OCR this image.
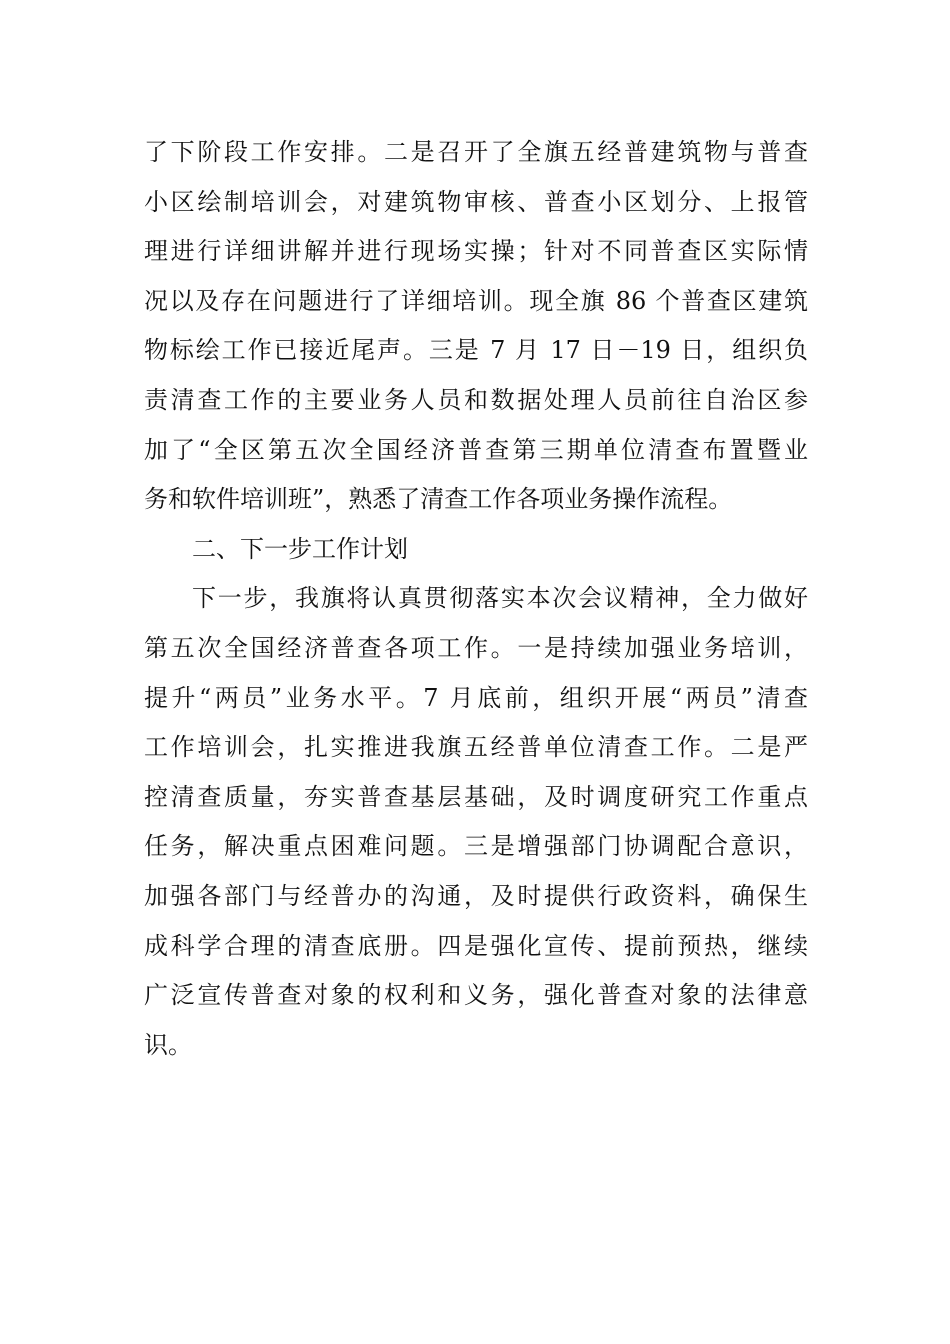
了下阶段工作安排。二是召开了全旗五经普建筑物与普查
小区绘制培训会，对建筑物审核、普查小区划分、上报管
理进行详细讲解并进行现场实操；针对不同普查区实际情
况以及存在问题进行了详细培训。现全旗 86 个普查区建筑
物标绘工作已接近尾声。三是 7 月 17 日－19 日，组织负
责清查工作的主要业务人员和数据处理人员前往自治区参
加了“全区第五次全国经济普查第三期单位清查布置暨业
务和软件培训班”，熟悉了清查工作各项业务操作流程。
二、下一步工作计划
下一步，我旗将认真贯彻落实本次会议精神，全力做好
第五次全国经济普查各项工作。一是持续加强业务培训，
提升“两员”业务水平。7 月底前，组织开展“两员”清查
工作培训会，扎实推进我旗五经普单位清查工作。二是严
控清查质量，夯实普查基层基础，及时调度研究工作重点
任务，解决重点困难问题。三是增强部门协调配合意识，
加强各部门与经普办的沟通，及时提供行政资料，确保生
成科学合理的清查底册。四是强化宣传、提前预热，继续
广泛宣传普查对象的权利和义务，强化普查对象的法律意
识。
